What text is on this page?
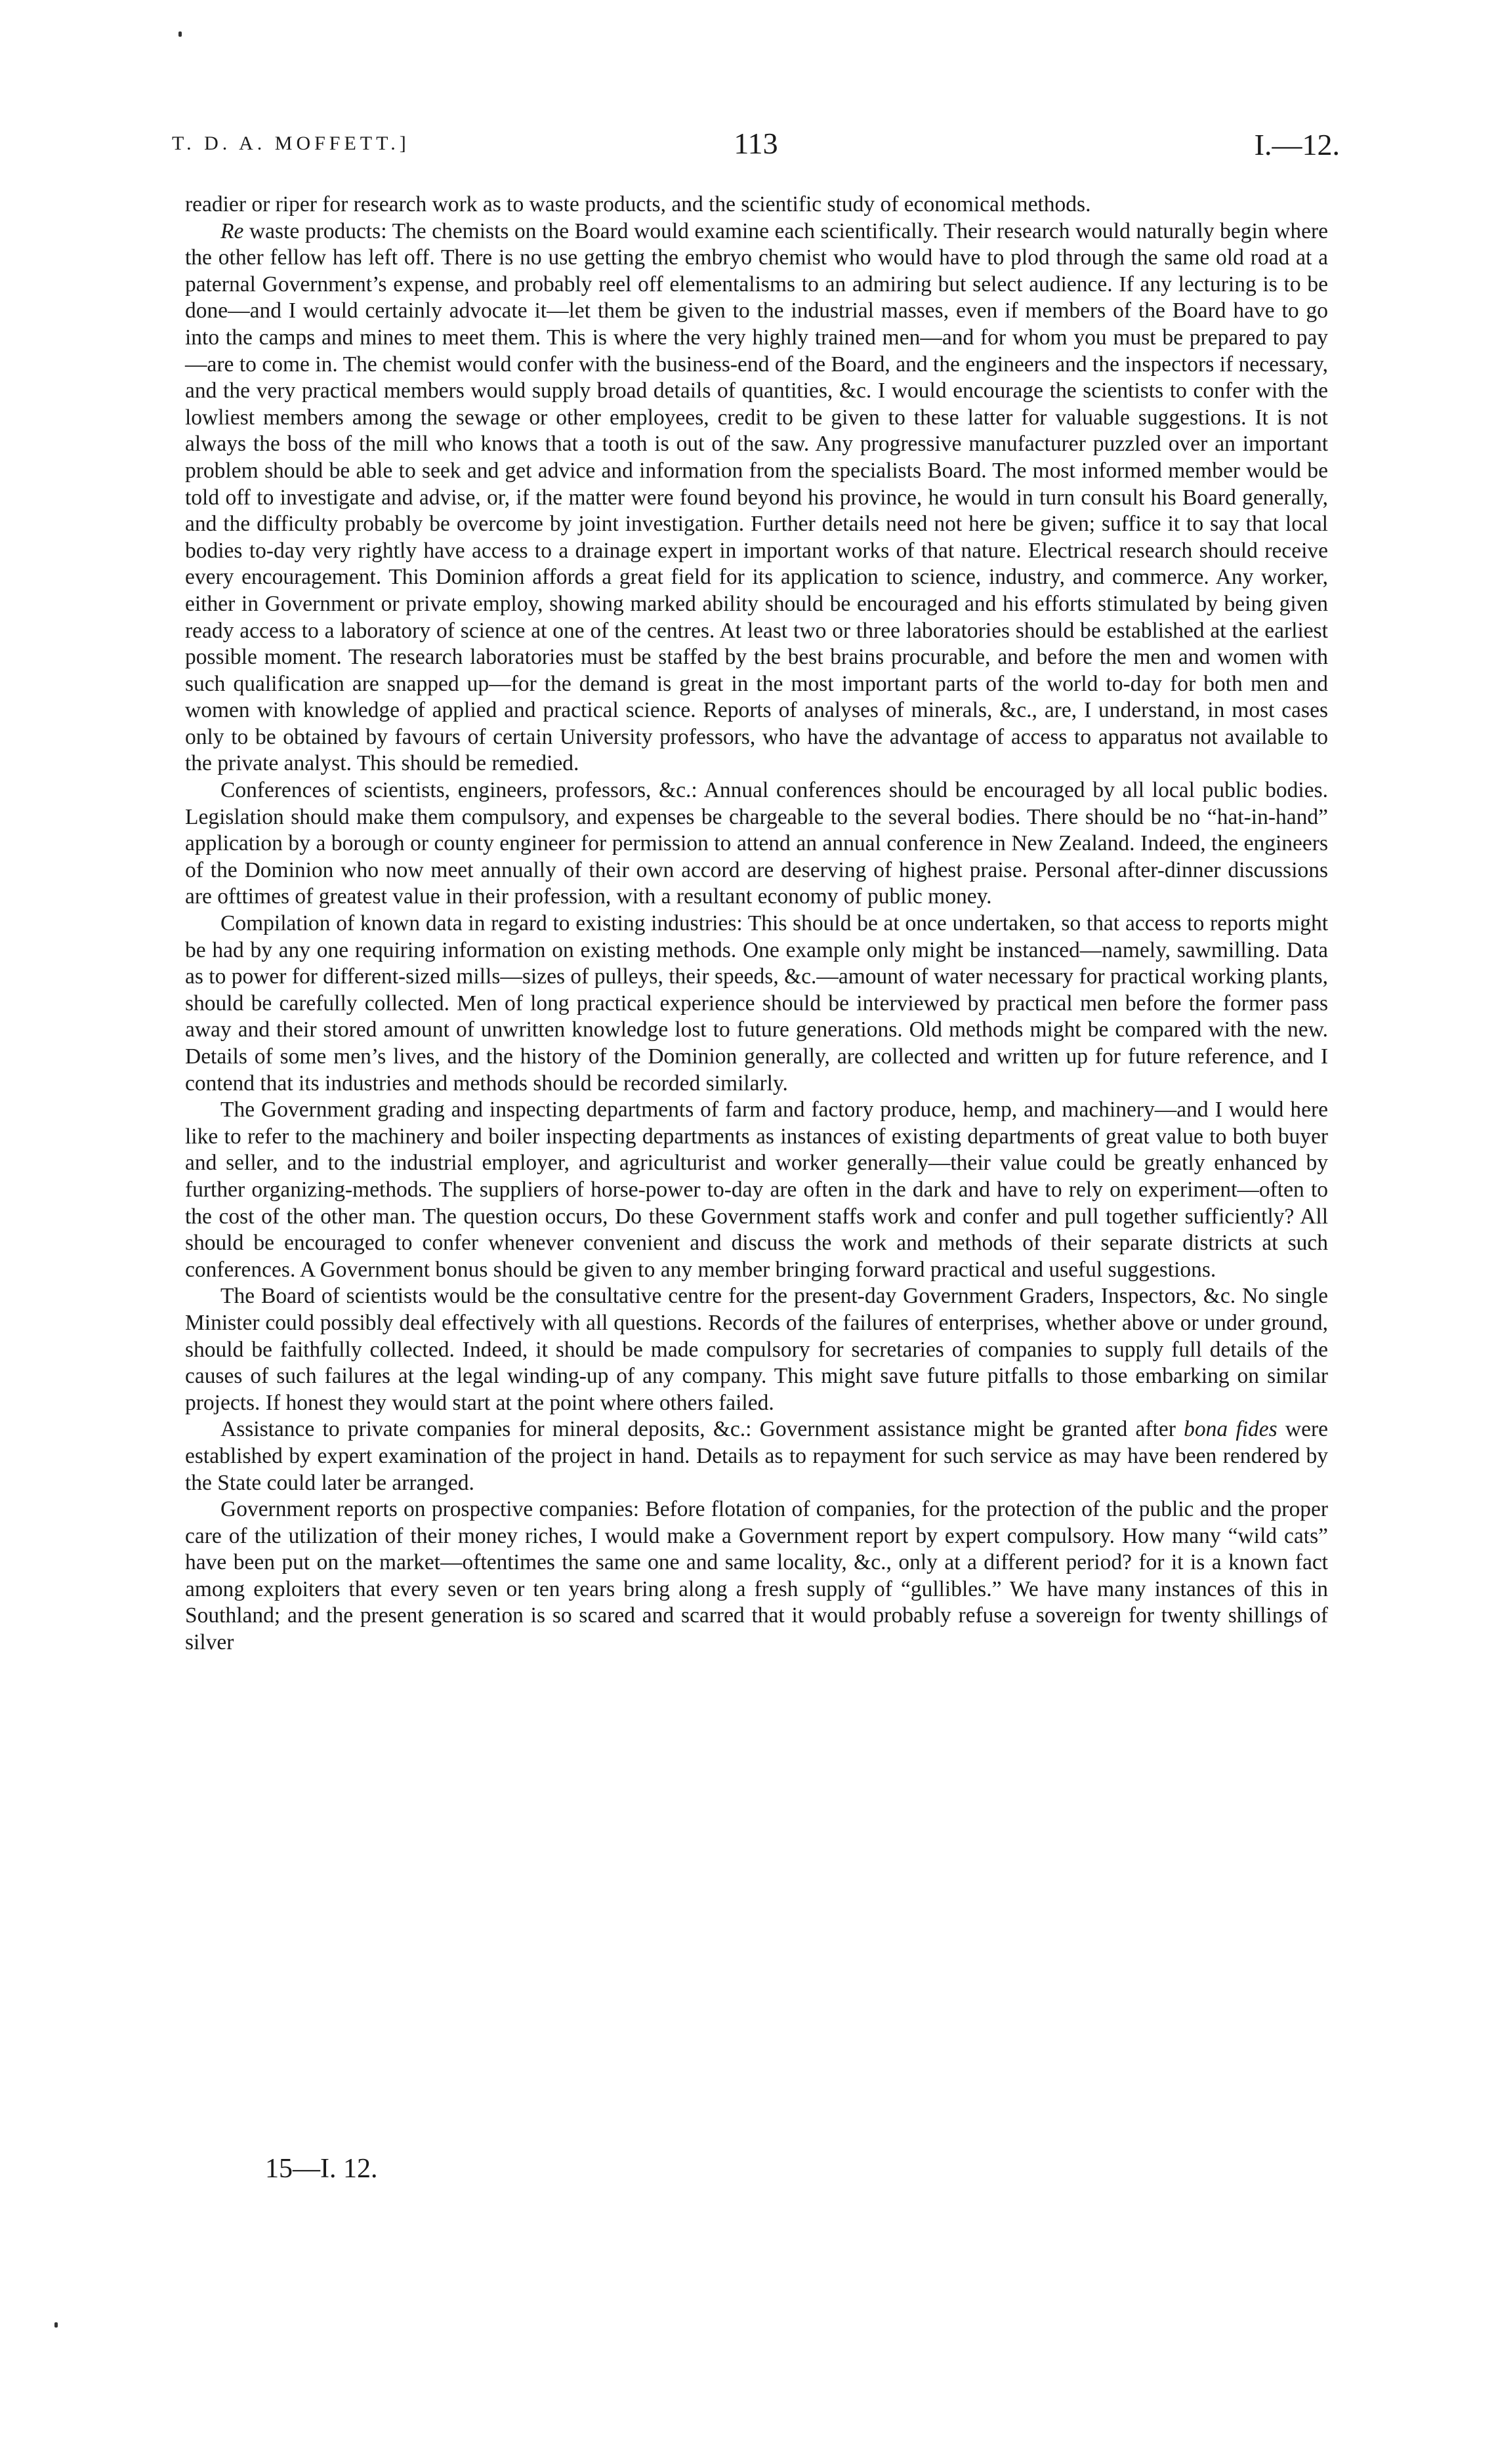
T. D. A. MOFFETT.]	113	I.—12.

readier or riper for research work as to waste products, and the scientific study of economical methods.

Re waste products: The chemists on the Board would examine each scientifically. Their research would naturally begin where the other fellow has left off. There is no use getting the embryo chemist who would have to plod through the same old road at a paternal Government’s expense, and probably reel off elementalisms to an admiring but select audience. If any lecturing is to be done—and I would certainly advocate it—let them be given to the industrial masses, even if members of the Board have to go into the camps and mines to meet them. This is where the very highly trained men—and for whom you must be prepared to pay—are to come in. The chemist would confer with the business-end of the Board, and the engineers and the inspectors if necessary, and the very practical members would supply broad details of quantities, &c. I would encourage the scientists to confer with the lowliest members among the sewage or other employees, credit to be given to these latter for valuable suggestions. It is not always the boss of the mill who knows that a tooth is out of the saw. Any progressive manufacturer puzzled over an important problem should be able to seek and get advice and information from the specialists Board. The most informed member would be told off to investigate and advise, or, if the matter were found beyond his province, he would in turn consult his Board generally, and the difficulty probably be overcome by joint investigation. Further details need not here be given; suffice it to say that local bodies to-day very rightly have access to a drainage expert in important works of that nature. Electrical research should receive every encouragement. This Dominion affords a great field for its application to science, industry, and commerce. Any worker, either in Government or private employ, showing marked ability should be encouraged and his efforts stimulated by being given ready access to a laboratory of science at one of the centres. At least two or three laboratories should be established at the earliest possible moment. The research laboratories must be staffed by the best brains procurable, and before the men and women with such qualification are snapped up—for the demand is great in the most important parts of the world to-day for both men and women with knowledge of applied and practical science. Reports of analyses of minerals, &c., are, I understand, in most cases only to be obtained by favours of certain University professors, who have the advantage of access to apparatus not available to the private analyst. This should be remedied.

Conferences of scientists, engineers, professors, &c.: Annual conferences should be encouraged by all local public bodies. Legislation should make them compulsory, and expenses be chargeable to the several bodies. There should be no “hat-in-hand” application by a borough or county engineer for permission to attend an annual conference in New Zealand. Indeed, the engineers of the Dominion who now meet annually of their own accord are deserving of highest praise. Personal after-dinner discussions are ofttimes of greatest value in their profession, with a resultant economy of public money.

Compilation of known data in regard to existing industries: This should be at once undertaken, so that access to reports might be had by any one requiring information on existing methods. One example only might be instanced—namely, sawmilling. Data as to power for different-sized mills—sizes of pulleys, their speeds, &c.—amount of water necessary for practical working plants, should be carefully collected. Men of long practical experience should be interviewed by practical men before the former pass away and their stored amount of unwritten knowledge lost to future generations. Old methods might be compared with the new. Details of some men’s lives, and the history of the Dominion generally, are collected and written up for future reference, and I contend that its industries and methods should be recorded similarly.

The Government grading and inspecting departments of farm and factory produce, hemp, and machinery—and I would here like to refer to the machinery and boiler inspecting departments as instances of existing departments of great value to both buyer and seller, and to the industrial employer, and agriculturist and worker generally—their value could be greatly enhanced by further organizing-methods. The suppliers of horse-power to-day are often in the dark and have to rely on experiment—often to the cost of the other man. The question occurs, Do these Government staffs work and confer and pull together sufficiently? All should be encouraged to confer whenever convenient and discuss the work and methods of their separate districts at such conferences. A Government bonus should be given to any member bringing forward practical and useful suggestions.

The Board of scientists would be the consultative centre for the present-day Government Graders, Inspectors, &c. No single Minister could possibly deal effectively with all questions. Records of the failures of enterprises, whether above or under ground, should be faithfully collected. Indeed, it should be made compulsory for secretaries of companies to supply full details of the causes of such failures at the legal winding-up of any company. This might save future pitfalls to those embarking on similar projects. If honest they would start at the point where others failed.

Assistance to private companies for mineral deposits, &c.: Government assistance might be granted after bona fides were established by expert examination of the project in hand. Details as to repayment for such service as may have been rendered by the State could later be arranged.

Government reports on prospective companies: Before flotation of companies, for the protection of the public and the proper care of the utilization of their money riches, I would make a Government report by expert compulsory. How many “wild cats” have been put on the market—oftentimes the same one and same locality, &c., only at a different period? for it is a known fact among exploiters that every seven or ten years bring along a fresh supply of “gullibles.” We have many instances of this in Southland; and the present generation is so scared and scarred that it would probably refuse a sovereign for twenty shillings of silver

15—I. 12.
